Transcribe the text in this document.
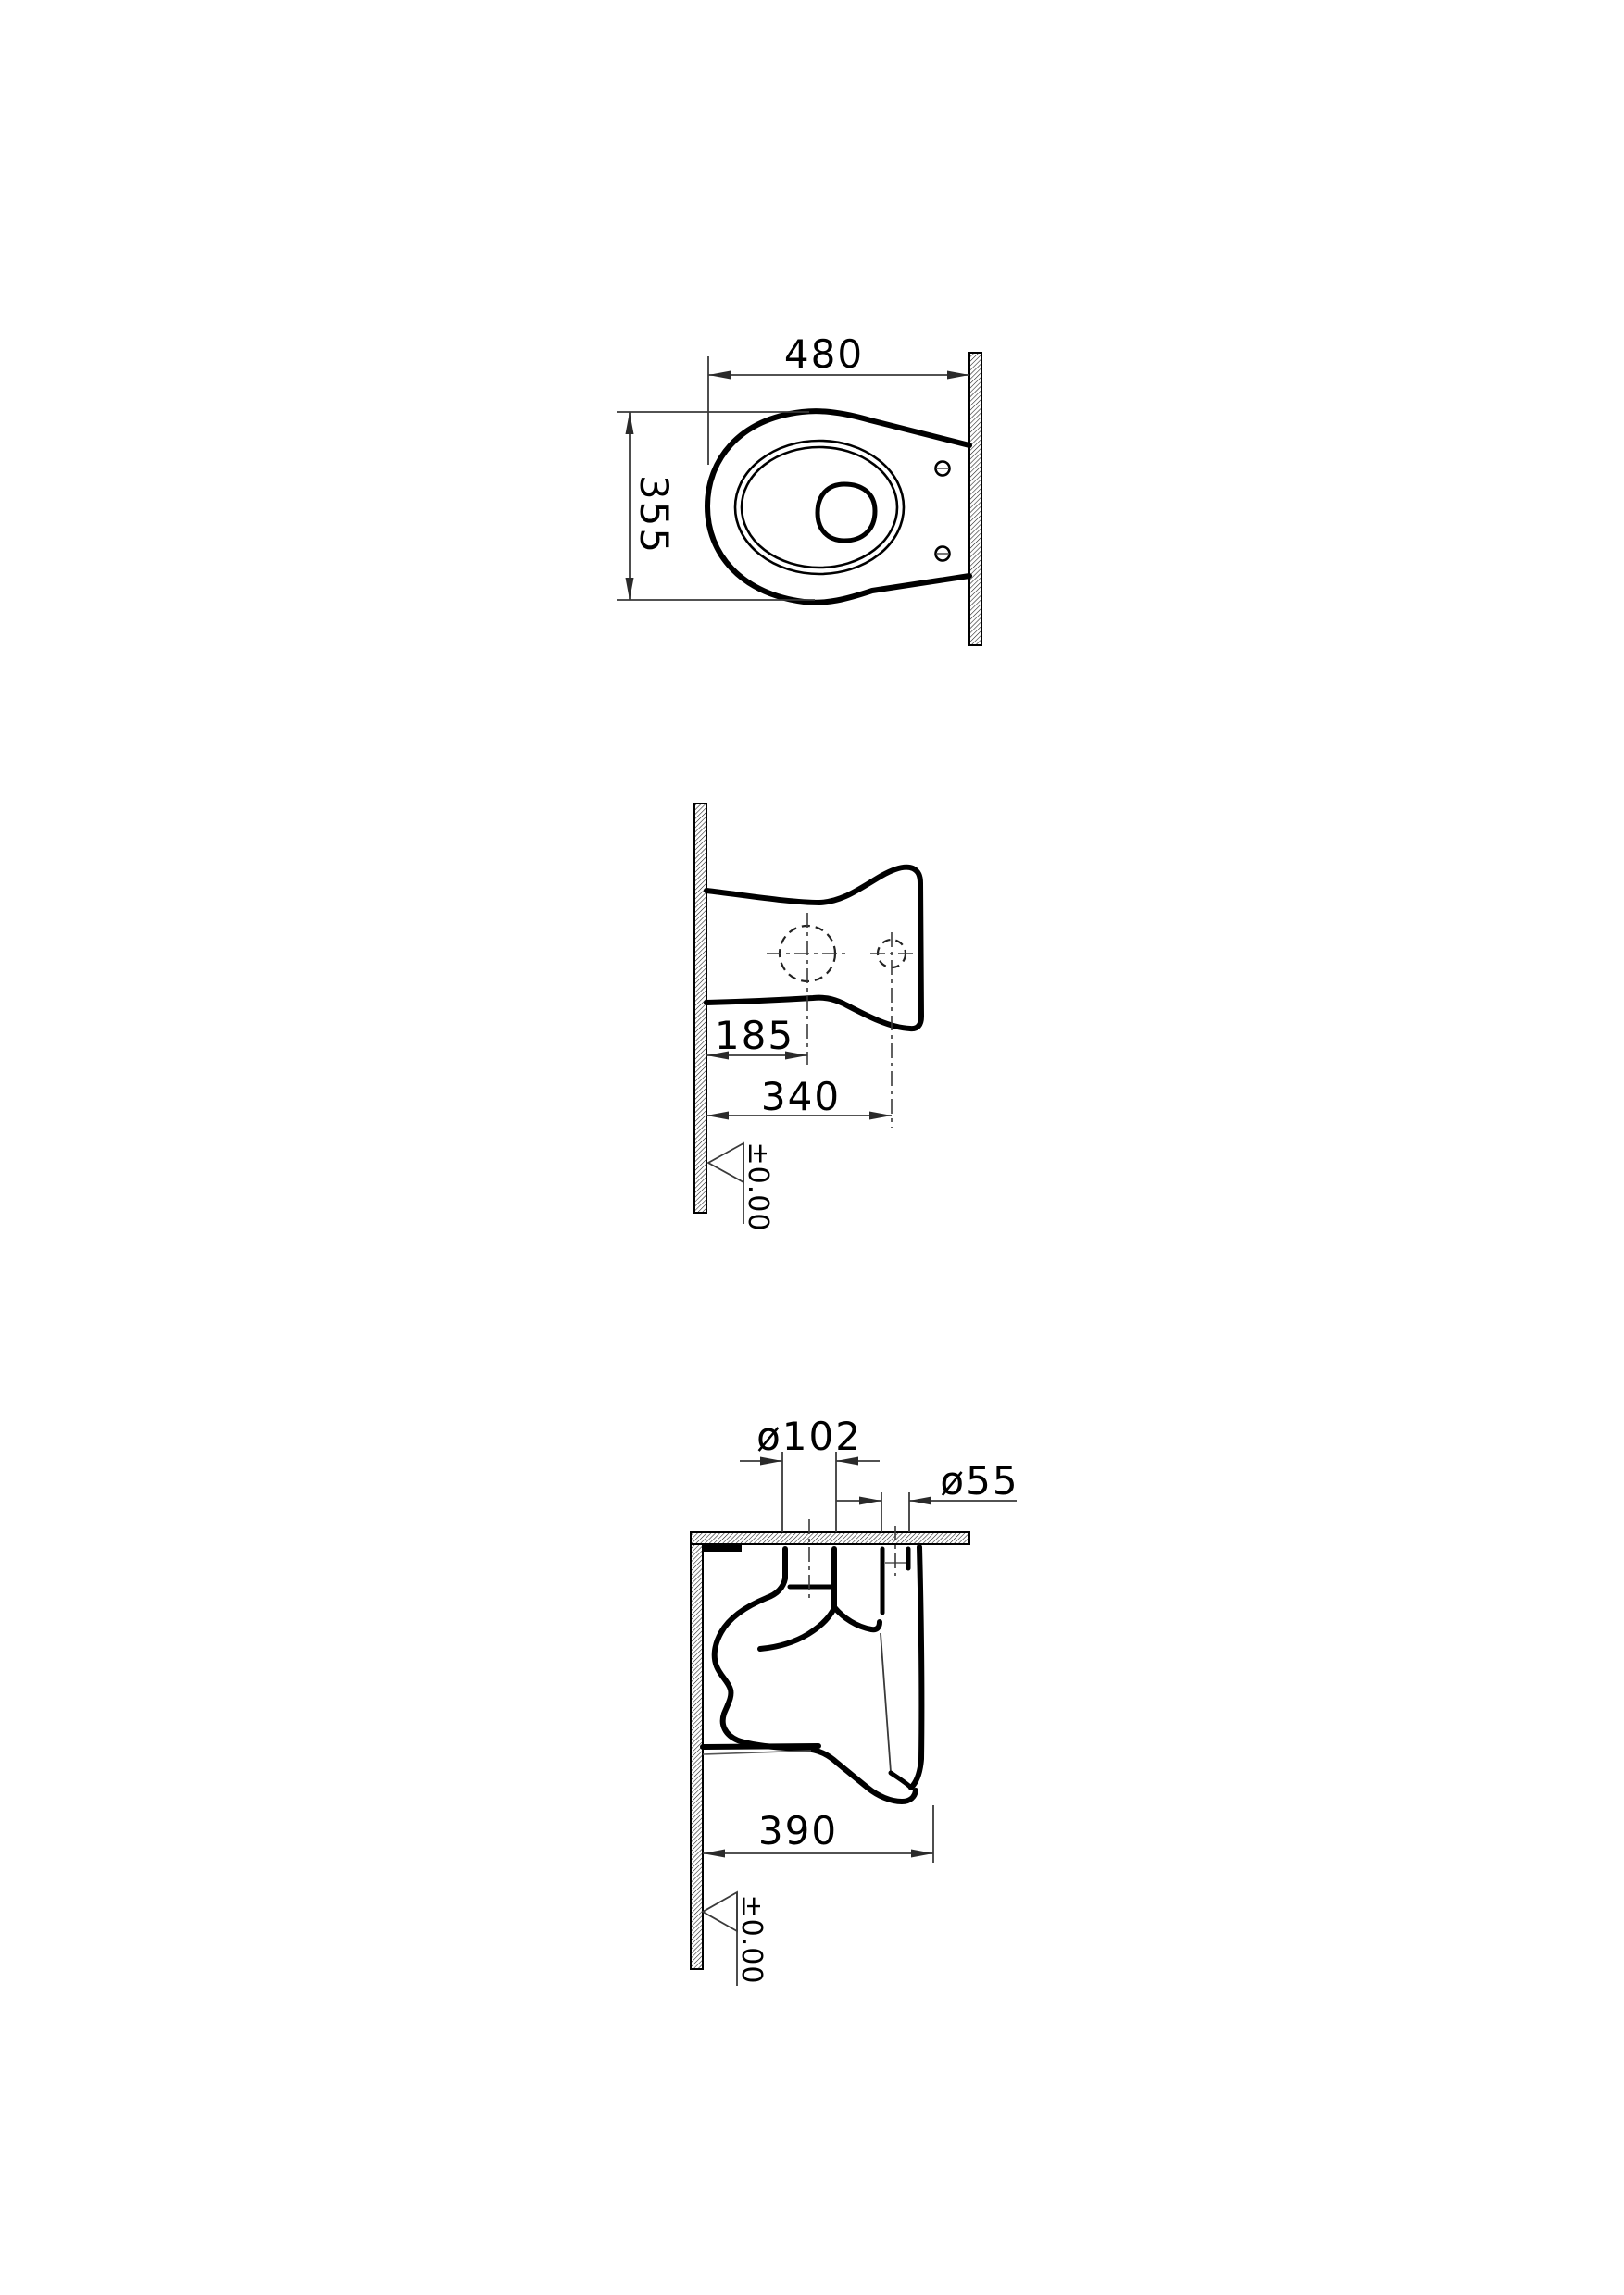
480
355
185
340
±0.00
ø102
ø55
390
±0.00
